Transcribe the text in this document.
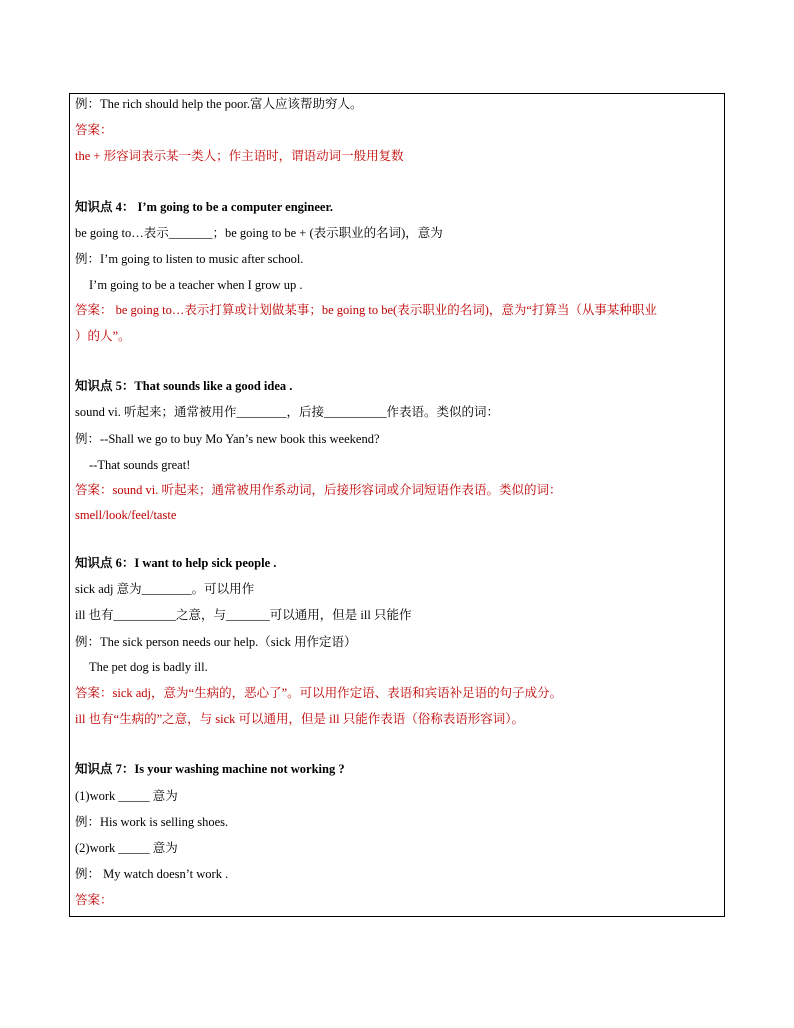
例：The rich should help the poor.富人应该帮助穷人。
答案：
the + 形容词表示某一类人；作主语时，谓语动词一般用复数
知识点 4： I’m going to be a computer engineer.
be going to…表示_______；be going to be + (表示职业的名词)，意为
例：I’m going to listen to music after school.
I’m going to be a teacher when I grow up .
答案： be going to…表示打算或计划做某事；be going to be(表示职业的名词)，意为“打算当（从事某种职业
）的人”。
知识点 5：That sounds like a good idea .
sound vi. 听起来；通常被用作________，后接__________作表语。类似的词：
例：--Shall we go to buy Mo Yan’s new book this weekend?
--That sounds great!
答案：sound vi. 听起来；通常被用作系动词，后接形容词或介词短语作表语。类似的词：
smell/look/feel/taste
知识点 6：I want to help sick people .
sick adj 意为________。可以用作
ill 也有__________之意，与_______可以通用，但是 ill 只能作
例：The sick person needs our help.（sick 用作定语）
The pet dog is badly ill.
答案：sick adj，意为“生病的，恶心了”。可以用作定语、表语和宾语补足语的句子成分。
ill 也有“生病的”之意，与 sick 可以通用，但是 ill 只能作表语（俗称表语形容词）。
知识点 7：Is your washing machine not working ?
(1)work _____ 意为
例：His work is selling shoes.
(2)work _____ 意为
例： My watch doesn’t work .
答案：
